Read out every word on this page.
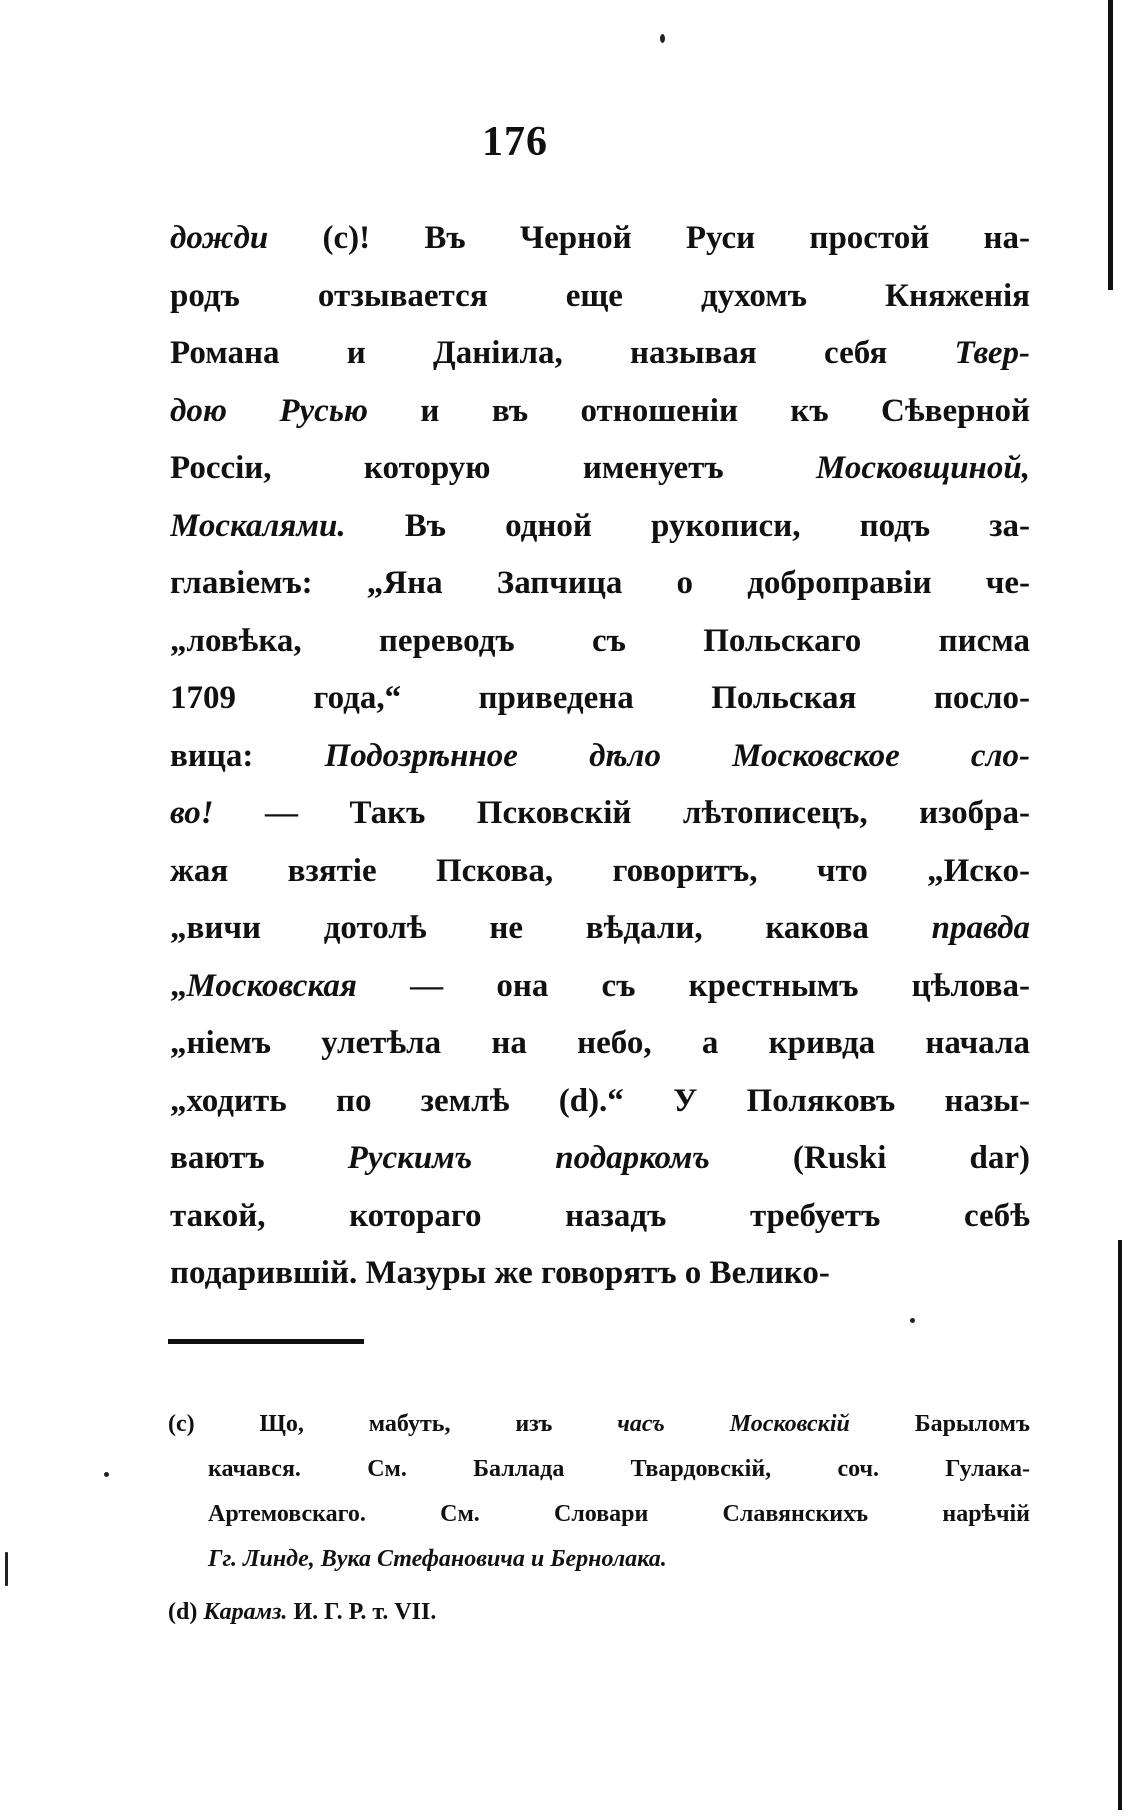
176
дожди (c)! Въ Черной Руси простой на-
родъ отзывается еще духомъ Княженія
Романа и Даніила, называя себя Твер-
дою Русью и въ отношеніи къ Сѣверной
Россіи, которую именуетъ Московщиной,
Москалями. Въ одной рукописи, подъ за-
главіемъ: „Яна Запчица о доброправіи че-
„ловѣка, переводъ съ Польскаго писма
1709 года,“ приведена Польская посло-
вица: Подозрѣнное дѣло Московское сло-
во! — Такъ Псковскій лѣтописецъ, изобра-
жая взятіе Пскова, говоритъ, что „Иско-
„вичи дотолѣ не вѣдали, какова правда
„Московская — она съ крестнымъ цѣлова-
„ніемъ улетѣла на небо, а кривда начала
„ходить по землѣ (d).“ У Поляковъ назы-
ваютъ Рускимъ подаркомъ (Ruski dar)
такой, котораго назадъ требуетъ себѣ
подарившій. Мазуры же говорятъ о Велико-
(c) Що, мабуть, изъ часъ Московскій Барыломъ
качався. См. Баллада Твардовскій, соч. Гулака-
Артемовскаго. См. Словари Славянскихъ нарѣчій
Гг. Линде, Вука Стефановича и Бернолака.
(d) Карамз. И. Г. Р. т. VII.
